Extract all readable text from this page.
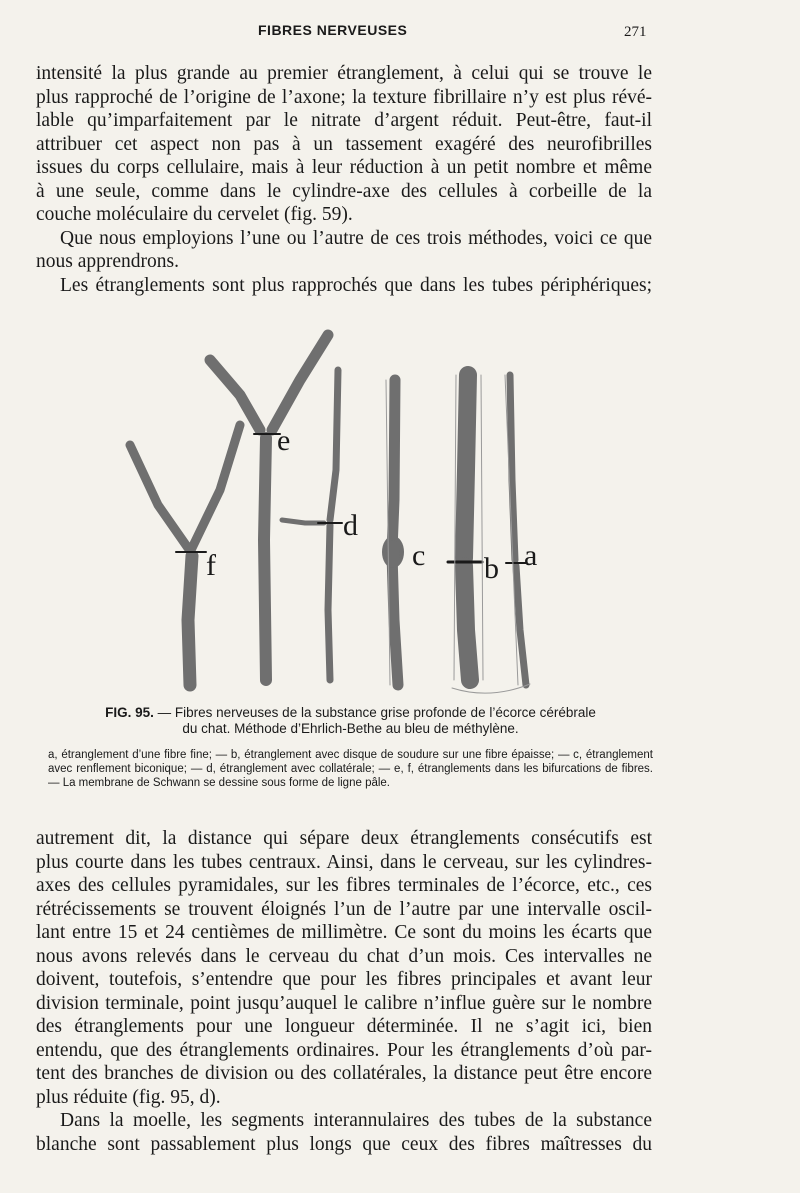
FIBRES NERVEUSES	271
intensité la plus grande au premier étranglement, à celui qui se trouve le
plus rapproché de l’origine de l’axone; la texture fibrillaire n’y est plus révé-
lable qu’imparfaitement par le nitrate d’argent réduit. Peut-être, faut-il
attribuer cet aspect non pas à un tassement exagéré des neurofibrilles
issues du corps cellulaire, mais à leur réduction à un petit nombre et même
à une seule, comme dans le cylindre-axe des cellules à corbeille de la
couche moléculaire du cervelet (fig. 59).
Que nous employions l’une ou l’autre de ces trois méthodes, voici ce que
nous apprendrons.
Les étranglements sont plus rapprochés que dans les tubes périphériques;
e
f
d
c b a
FIG. 95. — Fibres nerveuses de la substance grise profonde de l’écorce cérébrale
du chat. Méthode d’Ehrlich-Bethe au bleu de méthylène.
a, étranglement d’une fibre fine; — b, étranglement avec disque de soudure sur une fibre épaisse; — c, étranglement avec renflement biconique; — d, étranglement avec collatérale; — e, f, étranglements dans les bifurcations de fibres. — La membrane de Schwann se dessine sous forme de ligne pâle.
autrement dit, la distance qui sépare deux étranglements consécutifs est
plus courte dans les tubes centraux. Ainsi, dans le cerveau, sur les cylindres-
axes des cellules pyramidales, sur les fibres terminales de l’écorce, etc., ces
rétrécissements se trouvent éloignés l’un de l’autre par une intervalle oscil-
lant entre 15 et 24 centièmes de millimètre. Ce sont du moins les écarts que
nous avons relevés dans le cerveau du chat d’un mois. Ces intervalles ne
doivent, toutefois, s’entendre que pour les fibres principales et avant leur
division terminale, point jusqu’auquel le calibre n’influe guère sur le nombre
des étranglements pour une longueur déterminée. Il ne s’agit ici, bien
entendu, que des étranglements ordinaires. Pour les étranglements d’où par-
tent des branches de division ou des collatérales, la distance peut être encore
plus réduite (fig. 95, d).
Dans la moelle, les segments interannulaires des tubes de la substance
blanche sont passablement plus longs que ceux des fibres maîtresses du
